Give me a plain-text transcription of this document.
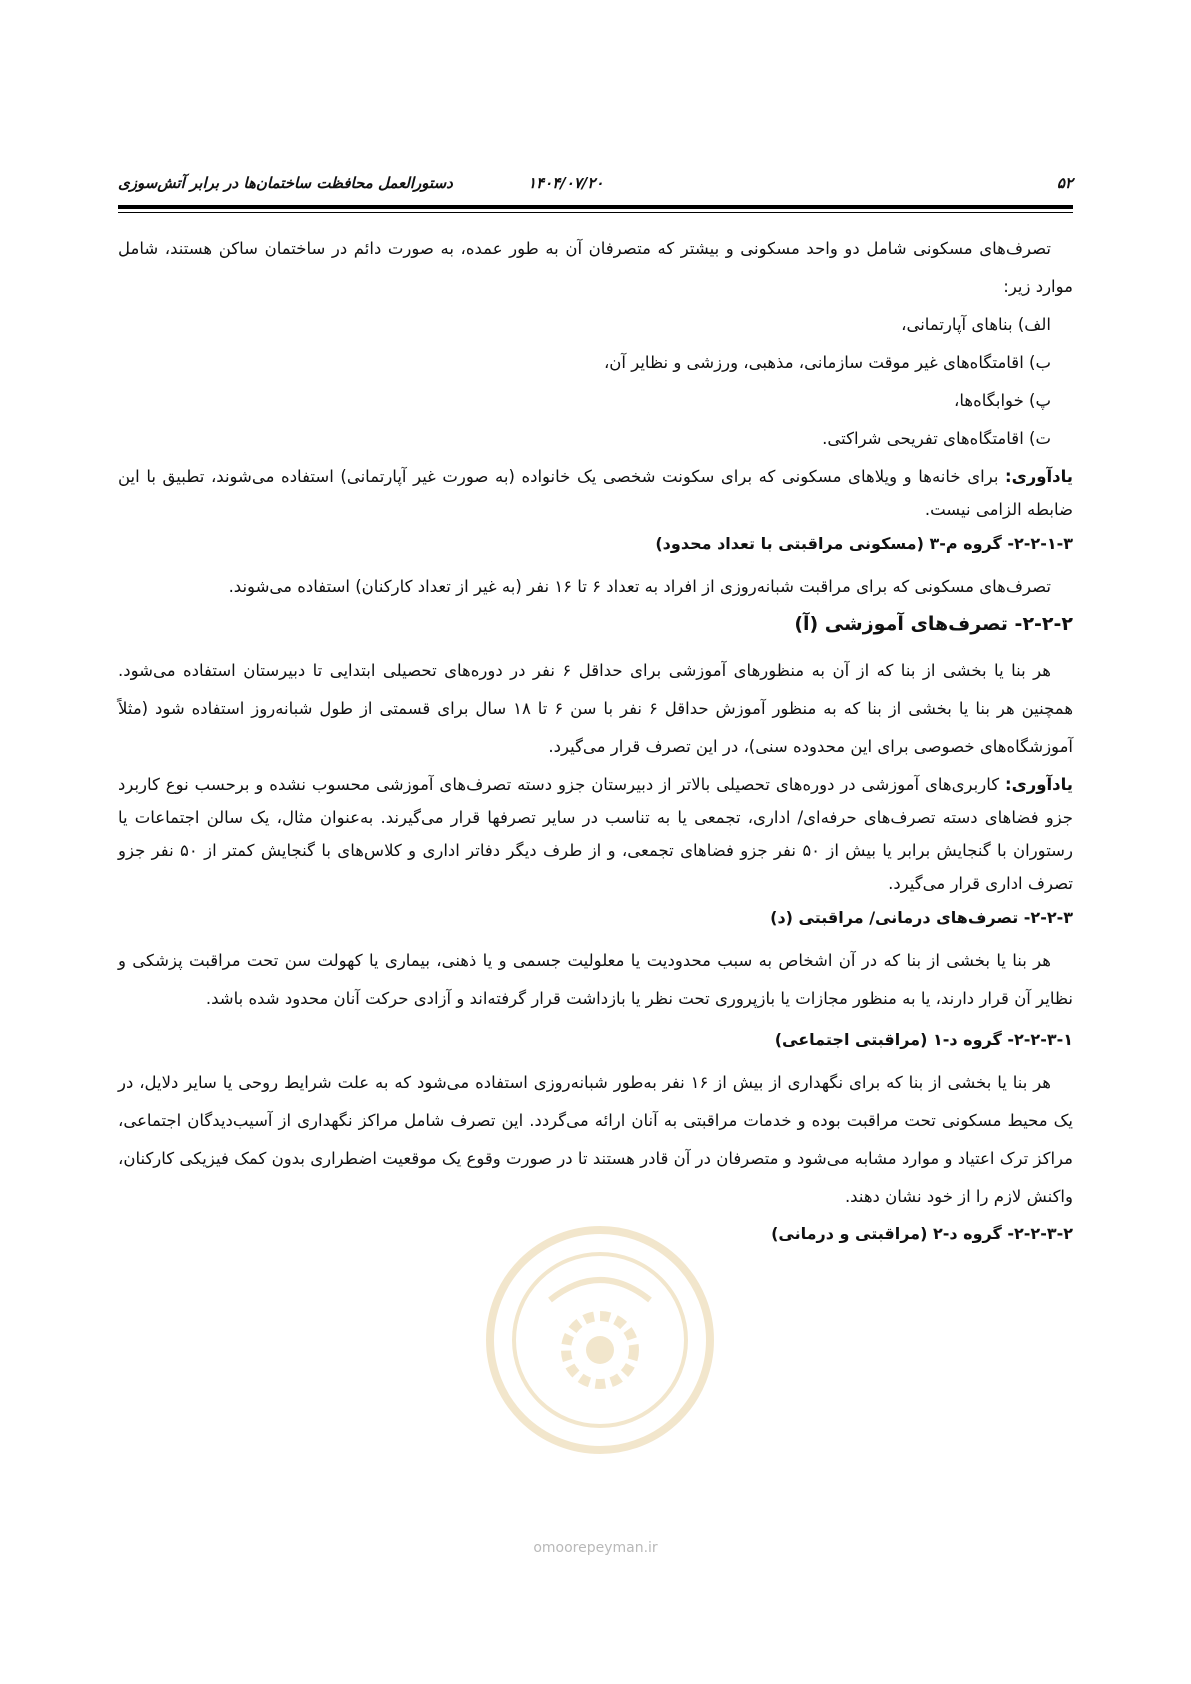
۵۲
۱۴۰۴/۰۷/۲۰
دستورالعمل محافظت ساختمان‌ها در برابر آتش‌سوزی

تصرف‌های مسکونی شامل دو واحد مسکونی و بیشتر که متصرفان آن به طور عمده، به صورت دائم در ساختمان ساکن هستند، شامل موارد زیر:

الف) بناهای آپارتمانی،

ب) اقامتگاه‌های غیر موقت سازمانی، مذهبی، ورزشی و نظایر آن،

پ) خوابگاه‌ها،

ت) اقامتگاه‌های تفریحی شراکتی.

یادآوری: برای خانه‌ها و ویلاهای مسکونی که برای سکونت شخصی یک خانواده (به صورت غیر آپارتمانی) استفاده می‌شوند، تطبیق با این ضابطه الزامی نیست.

۲-۲-۱-۳- گروه م-۳ (مسکونی مراقبتی با تعداد محدود)

تصرف‌های مسکونی که برای مراقبت شبانه‌روزی از افراد به تعداد ۶ تا ۱۶ نفر (به غیر از تعداد کارکنان) استفاده می‌شوند.

۲-۲-۲- تصرف‌های آموزشی (آ)

هر بنا یا بخشی از بنا که از آن به منظورهای آموزشی برای حداقل ۶ نفر در دوره‌های تحصیلی ابتدایی تا دبیرستان استفاده می‌شود. همچنین هر بنا یا بخشی از بنا که به منظور آموزش حداقل ۶ نفر با سن ۶ تا ۱۸ سال برای قسمتی از طول شبانه‌روز استفاده شود (مثلاً آموزشگاه‌های خصوصی برای این محدوده سنی)، در این تصرف قرار می‌گیرد.

یادآوری: کاربری‌های آموزشی در دوره‌های تحصیلی بالاتر از دبیرستان جزو دسته تصرف‌های آموزشی محسوب نشده و برحسب نوع کاربرد جزو فضاهای دسته تصرف‌های حرفه‌ای/ اداری، تجمعی یا به تناسب در سایر تصرفها قرار می‌گیرند. به‌عنوان مثال، یک سالن اجتماعات یا رستوران با گنجایش برابر یا بیش از ۵۰ نفر جزو فضاهای تجمعی، و از طرف دیگر دفاتر اداری و کلاس‌های با گنجایش کمتر از ۵۰ نفر جزو تصرف اداری قرار می‌گیرد.

۲-۲-۳- تصرف‌های درمانی/ مراقبتی (د)

هر بنا یا بخشی از بنا که در آن اشخاص به سبب محدودیت یا معلولیت جسمی و یا ذهنی، بیماری یا کهولت سن تحت مراقبت پزشکی و نظایر آن قرار دارند، یا به منظور مجازات یا بازپروری تحت نظر یا بازداشت قرار گرفته‌اند و آزادی حرکت آنان محدود شده باشد.

۲-۲-۳-۱- گروه د-۱ (مراقبتی اجتماعی)

هر بنا یا بخشی از بنا که برای نگهداری از بیش از ۱۶ نفر به‌طور شبانه‌روزی استفاده می‌شود که به علت شرایط روحی یا سایر دلایل، در یک محیط مسکونی تحت مراقبت بوده و خدمات مراقبتی به آنان ارائه می‌گردد. این تصرف شامل مراکز نگهداری از آسیب‌دیدگان اجتماعی، مراکز ترک اعتیاد و موارد مشابه می‌شود و متصرفان در آن قادر هستند تا در صورت وقوع یک موقعیت اضطراری بدون کمک فیزیکی کارکنان، واکنش لازم را از خود نشان دهند.

۲-۲-۳-۲- گروه د-۲ (مراقبتی و درمانی)

omoorepeyman.ir
